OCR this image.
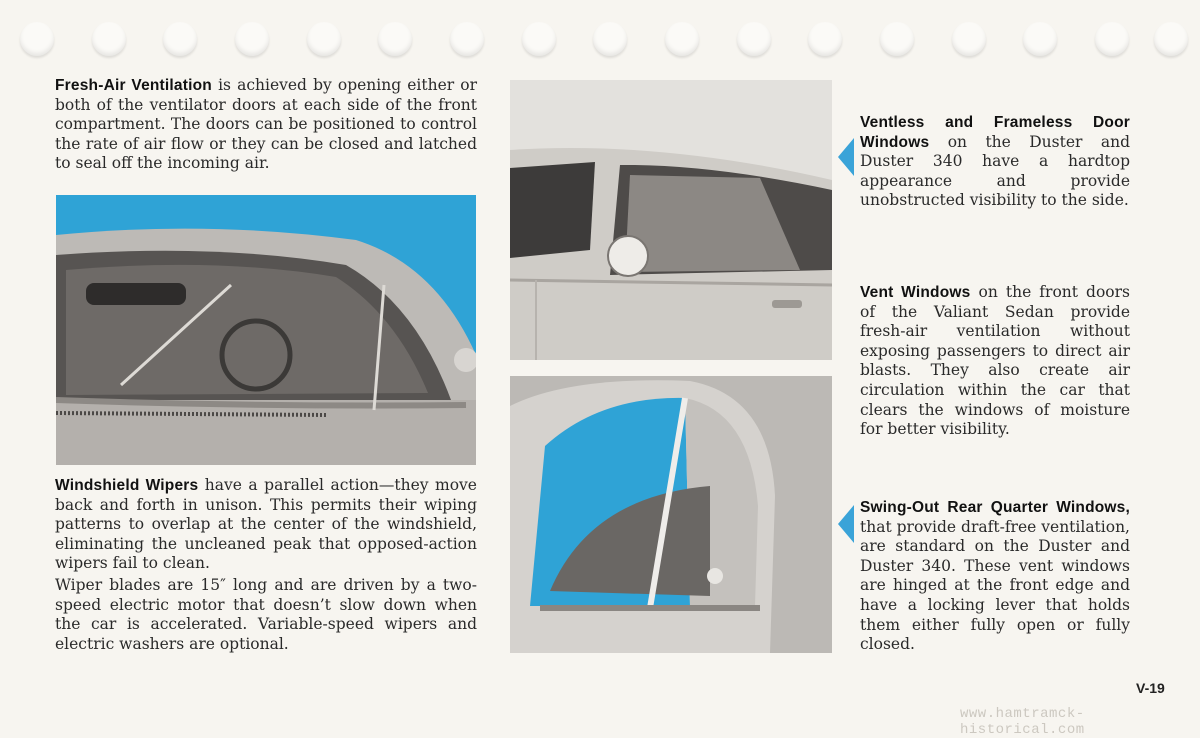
Fresh-Air Ventilation is achieved by opening either or both of the ventilator doors at each side of the front compartment. The doors can be positioned to control the rate of air flow or they can be closed and latched to seal off the incoming air.

Windshield Wipers have a parallel action—they move back and forth in unison. This permits their wiping patterns to overlap at the center of the windshield, eliminating the uncleaned peak that opposed-action wipers fail to clean.

Wiper blades are 15″ long and are driven by a two-speed electric motor that doesn’t slow down when the car is accelerated. Variable-speed wipers and electric washers are optional.

Ventless and Frameless Door Windows on the Duster and Duster 340 have a hardtop appearance and provide unobstructed visibility to the side.

Vent Windows on the front doors of the Valiant Sedan provide fresh-air ventilation without exposing passengers to direct air blasts. They also create air circulation within the car that clears the windows of moisture for better visibility.

Swing-Out Rear Quarter Windows, that provide draft-free ventilation, are standard on the Duster and Duster 340. These vent windows are hinged at the front edge and have a locking lever that holds them either fully open or fully closed.

V-19
www.hamtramck-historical.com
